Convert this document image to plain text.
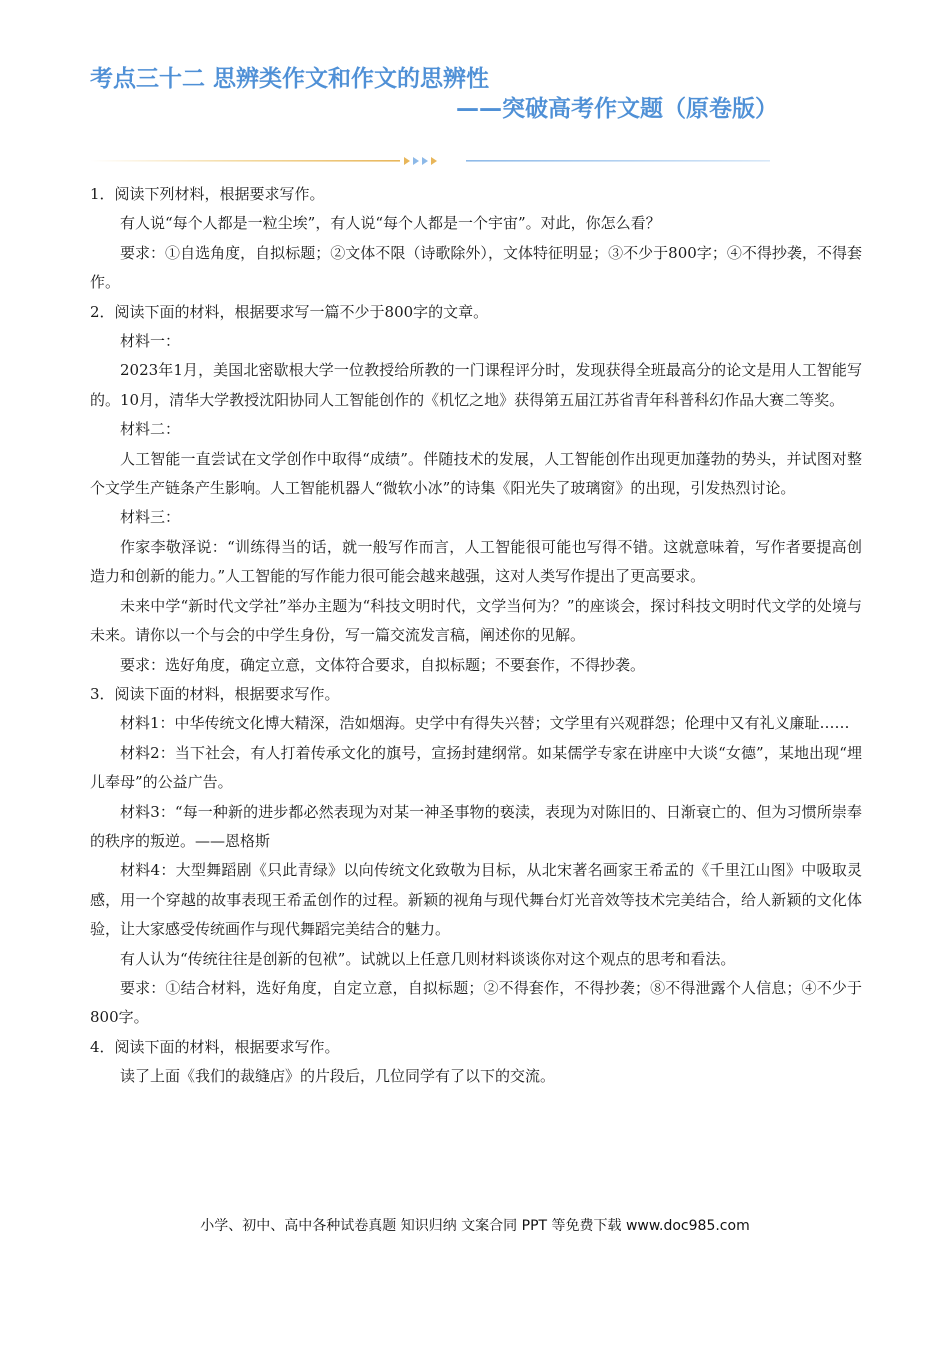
考点三十二 思辨类作文和作文的思辨性
——突破高考作文题（原卷版）

1．阅读下列材料，根据要求写作。

有人说“每个人都是一粒尘埃”，有人说“每个人都是一个宇宙”。对此，你怎么看？

要求：①自选角度，自拟标题；②文体不限（诗歌除外），文体特征明显；③不少于800字；④不得抄袭，不得套作。

2．阅读下面的材料，根据要求写一篇不少于800字的文章。

材料一：

2023年1月，美国北密歇根大学一位教授给所教的一门课程评分时，发现获得全班最高分的论文是用人工智能写的。10月，清华大学教授沈阳协同人工智能创作的《机忆之地》获得第五届江苏省青年科普科幻作品大赛二等奖。

材料二：

人工智能一直尝试在文学创作中取得“成绩”。伴随技术的发展，人工智能创作出现更加蓬勃的势头，并试图对整个文学生产链条产生影响。人工智能机器人“微软小冰”的诗集《阳光失了玻璃窗》的出现，引发热烈讨论。

材料三：

作家李敬泽说：“训练得当的话，就一般写作而言，人工智能很可能也写得不错。这就意味着，写作者要提高创造力和创新的能力。”人工智能的写作能力很可能会越来越强，这对人类写作提出了更高要求。

未来中学“新时代文学社”举办主题为“科技文明时代，文学当何为？”的座谈会，探讨科技文明时代文学的处境与未来。请你以一个与会的中学生身份，写一篇交流发言稿，阐述你的见解。

要求：选好角度，确定立意，文体符合要求，自拟标题；不要套作，不得抄袭。

3．阅读下面的材料，根据要求写作。

材料1：中华传统文化博大精深，浩如烟海。史学中有得失兴替；文学里有兴观群怨；伦理中又有礼义廉耻……

材料2：当下社会，有人打着传承文化的旗号，宣扬封建纲常。如某儒学专家在讲座中大谈“女德”，某地出现“埋儿奉母”的公益广告。

材料3：“每一种新的进步都必然表现为对某一神圣事物的亵渎，表现为对陈旧的、日渐衰亡的、但为习惯所崇奉的秩序的叛逆。——恩格斯

材料4：大型舞蹈剧《只此青绿》以向传统文化致敬为目标，从北宋著名画家王希孟的《千里江山图》中吸取灵感，用一个穿越的故事表现王希孟创作的过程。新颖的视角与现代舞台灯光音效等技术完美结合，给人新颖的文化体验，让大家感受传统画作与现代舞蹈完美结合的魅力。

有人认为“传统往往是创新的包袱”。试就以上任意几则材料谈谈你对这个观点的思考和看法。

要求：①结合材料，选好角度，自定立意，自拟标题；②不得套作，不得抄袭；⑧不得泄露个人信息；④不少于800字。

4．阅读下面的材料，根据要求写作。

读了上面《我们的裁缝店》的片段后，几位同学有了以下的交流。

小学、初中、高中各种试卷真题 知识归纳 文案合同 PPT 等免费下载 www.doc985.com
